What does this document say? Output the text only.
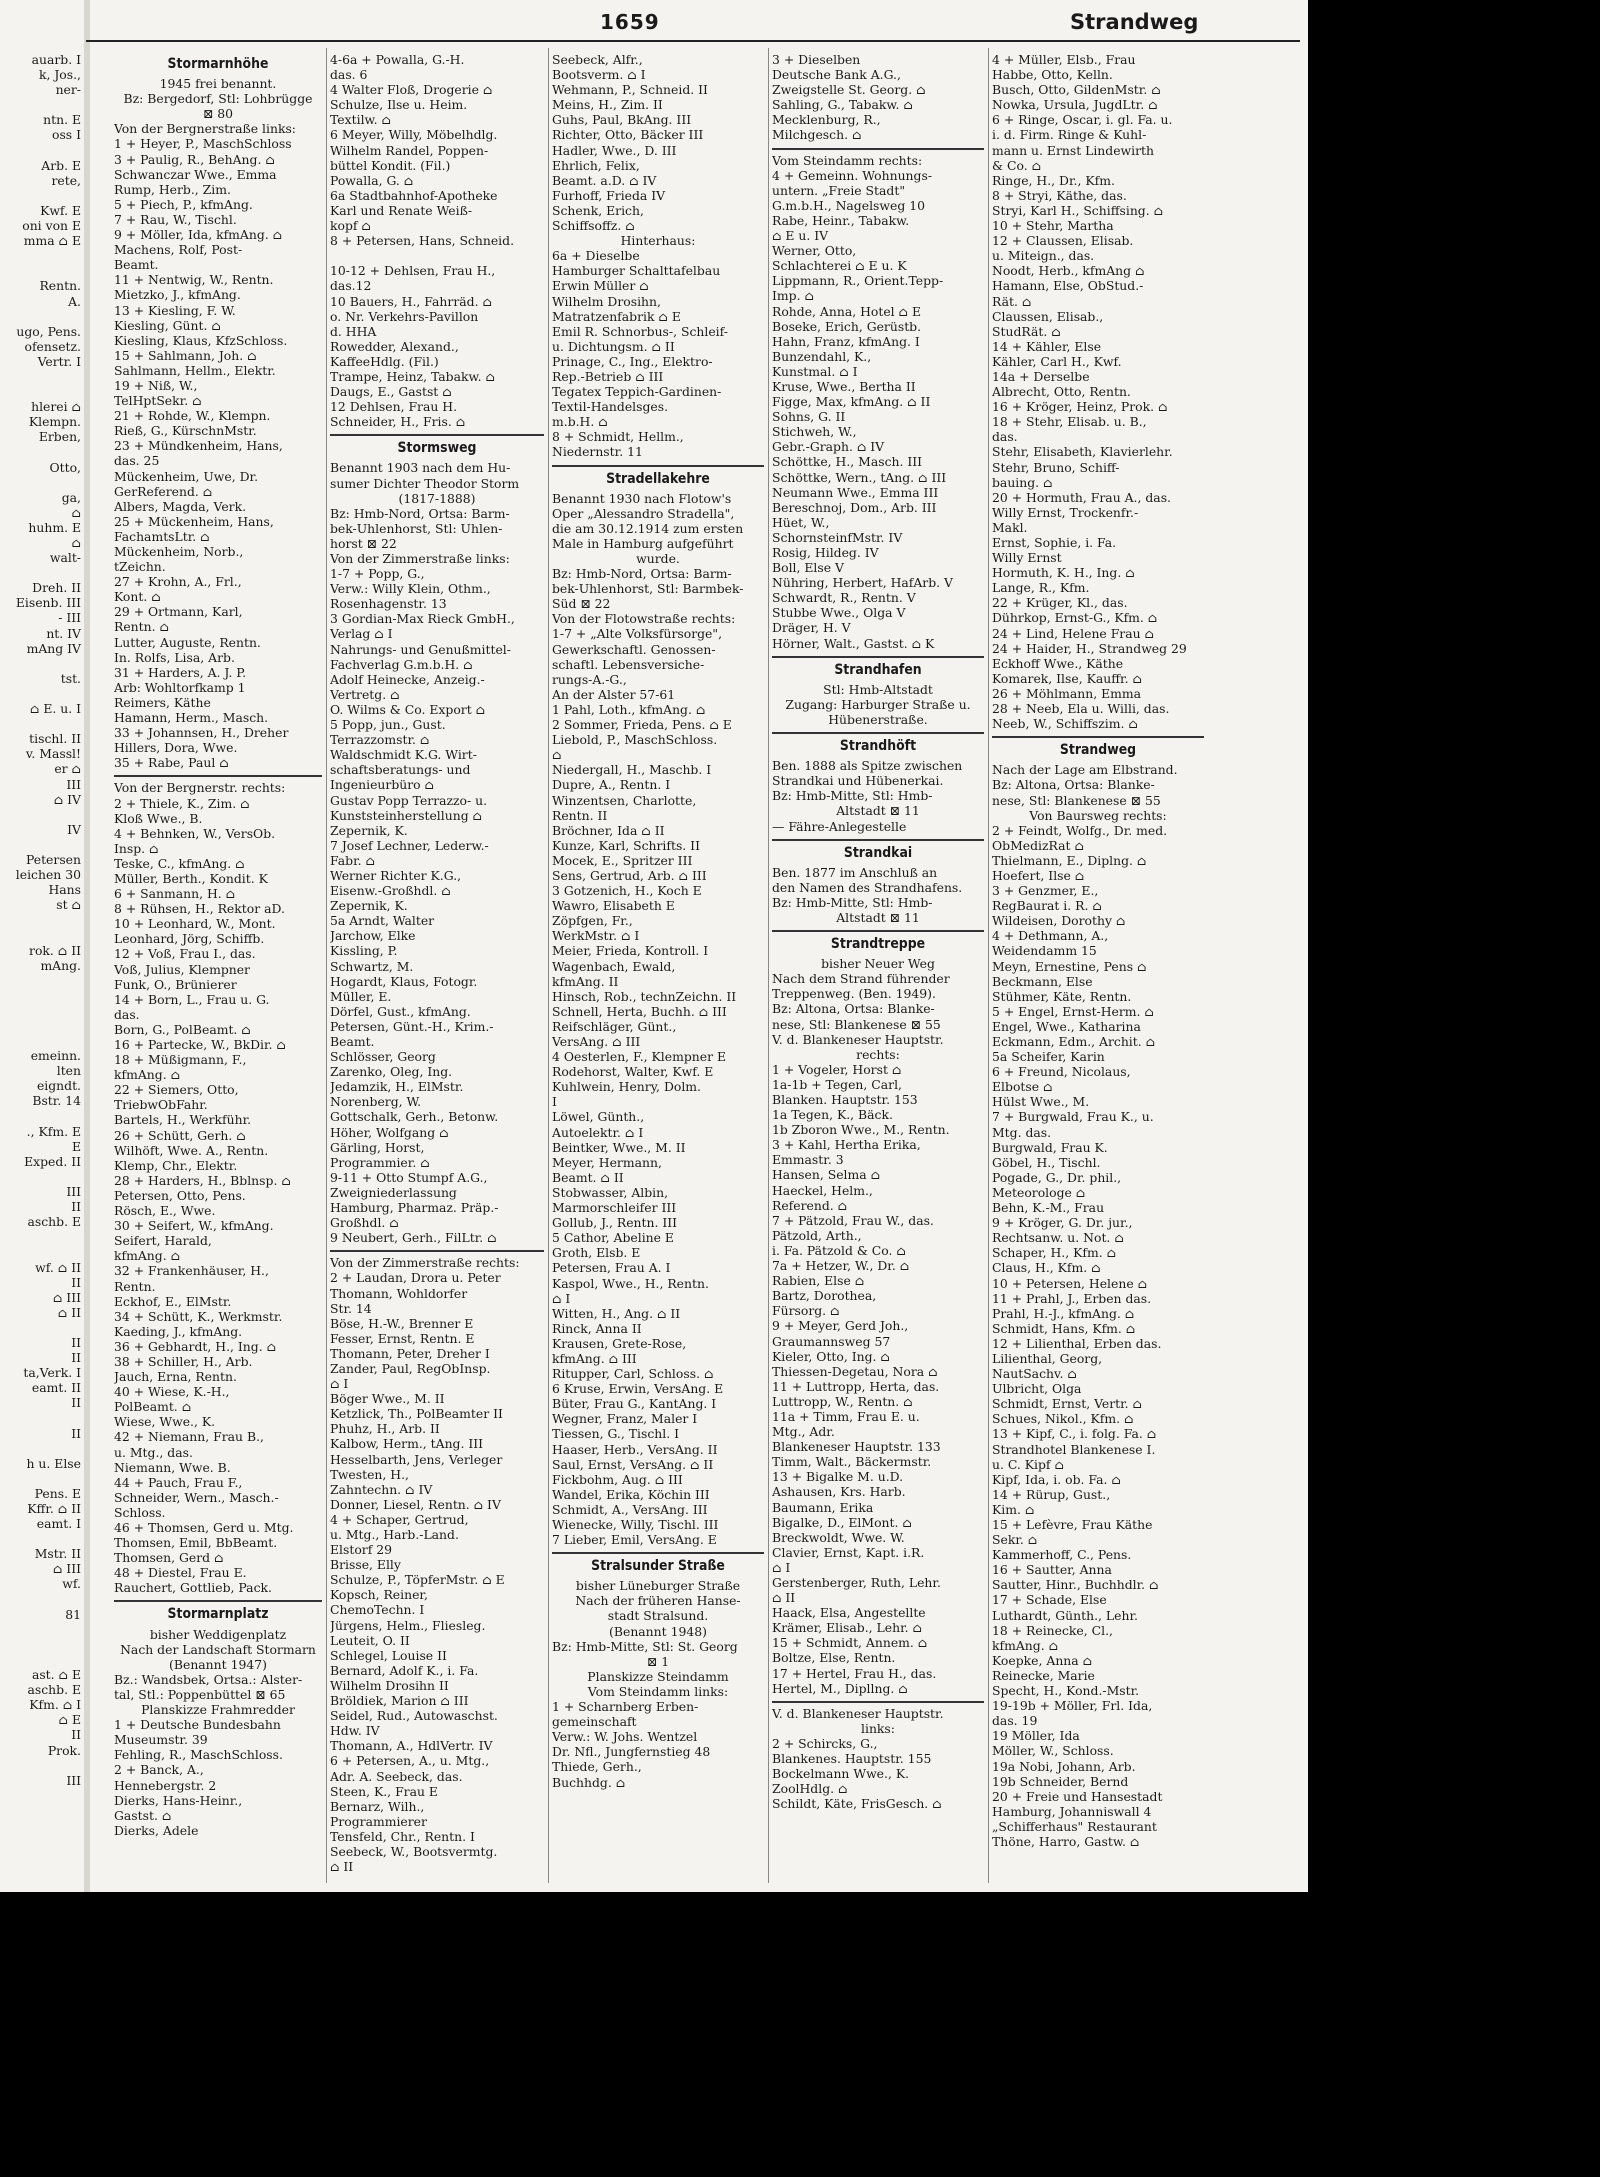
1659	Strandweg
auarb. I
k, Jos.,
ner-

ntn. E
oss I

Arb. E
rete,

Kwf. E
oni von E
mma ⌂ E

Rentn.
A.

ugo, Pens.
ofensetz.
Vertr. I

hlerei ⌂
Klempn.
Erben,

Otto,

ga,
⌂
huhm. E
⌂
walt-

Dreh. II
Eisenb. III
- III
nt. IV
mAng IV

tst.

⌂ E. u. I

tischl. II
v. Massl!
er ⌂
III
⌂ IV

IV

Petersen
leichen 30
Hans
st ⌂

rok. ⌂ II
mAng.

emeinn.
lten
eigndt.
Bstr. 14

., Kfm. E
E
Exped. II

III
II
aschb. E

wf. ⌂ II
II
⌂ III
⌂ II

II
II
ta,Verk. I
eamt. II
II

II

h u. Else

Pens. E
Kffr. ⌂ II
eamt. I

Mstr. II
⌂ III
wf.

81

ast. ⌂ E
aschb. E
Kfm. ⌂ I
⌂ E
II
Prok.

III
Stormarnhöhe
1945 frei benannt.
Bz: Bergedorf, Stl: Lohbrügge
⊠ 80
Von der Bergnerstraße links:
1 + Heyer, P., MaschSchloss
3 + Paulig, R., BehAng. ⌂
Schwanczar Wwe., Emma
Rump, Herb., Zim.
5 + Piech, P., kfmAng.
7 + Rau, W., Tischl.
9 + Möller, Ida, kfmAng. ⌂
Machens, Rolf, Post-
Beamt.
11 + Nentwig, W., Rentn.
Mietzko, J., kfmAng.
13 + Kiesling, F. W.
Kiesling, Günt. ⌂
Kiesling, Klaus, KfzSchloss.
15 + Sahlmann, Joh. ⌂
Sahlmann, Hellm., Elektr.
19 + Niß, W.,
TelHptSekr. ⌂
21 + Rohde, W., Klempn.
Rieß, G., KürschnMstr.
23 + Mündkenheim, Hans,
das. 25
Mückenheim, Uwe, Dr.
GerReferend. ⌂
Albers, Magda, Verk.
25 + Mückenheim, Hans,
FachamtsLtr. ⌂
Mückenheim, Norb.,
tZeichn.
27 + Krohn, A., Frl.,
Kont. ⌂
29 + Ortmann, Karl,
Rentn. ⌂
Lutter, Auguste, Rentn.
In. Rolfs, Lisa, Arb.
31 + Harders, A. J. P.
Arb: Wohltorfkamp 1
Reimers, Käthe
Hamann, Herm., Masch.
33 + Johannsen, H., Dreher
Hillers, Dora, Wwe.
35 + Rabe, Paul ⌂
Von der Bergnerstr. rechts:
2 + Thiele, K., Zim. ⌂
Kloß Wwe., B.
4 + Behnken, W., VersOb.
Insp. ⌂
Teske, C., kfmAng. ⌂
Müller, Berth., Kondit. K
6 + Sanmann, H. ⌂
8 + Rühsen, H., Rektor aD.
10 + Leonhard, W., Mont.
Leonhard, Jörg, Schiffb.
12 + Voß, Frau I., das.
Voß, Julius, Klempner
Funk, O., Brünierer
14 + Born, L., Frau u. G.
das.
Born, G., PolBeamt. ⌂
16 + Partecke, W., BkDir. ⌂
18 + Müßigmann, F.,
kfmAng. ⌂
22 + Siemers, Otto,
TriebwObFahr.
Bartels, H., Werkführ.
26 + Schütt, Gerh. ⌂
Wilhöft, Wwe. A., Rentn.
Klemp, Chr., Elektr.
28 + Harders, H., Bblnsp. ⌂
Petersen, Otto, Pens.
Rösch, E., Wwe.
30 + Seifert, W., kfmAng.
Seifert, Harald,
kfmAng. ⌂
32 + Frankenhäuser, H.,
Rentn.
Eckhof, E., ElMstr.
34 + Schütt, K., Werkmstr.
Kaeding, J., kfmAng.
36 + Gebhardt, H., Ing. ⌂
38 + Schiller, H., Arb.
Jauch, Erna, Rentn.
40 + Wiese, K.-H.,
PolBeamt. ⌂
Wiese, Wwe., K.
42 + Niemann, Frau B.,
u. Mtg., das.
Niemann, Wwe. B.
44 + Pauch, Frau F.,
Schneider, Wern., Masch.-
Schloss.
46 + Thomsen, Gerd u. Mtg.
Thomsen, Emil, BbBeamt.
Thomsen, Gerd ⌂
48 + Diestel, Frau E.
Rauchert, Gottlieb, Pack.
Stormarnplatz
bisher Weddigenplatz
Nach der Landschaft Stormarn
(Benannt 1947)
Bz.: Wandsbek, Ortsa.: Alster-
tal, Stl.: Poppenbüttel ⊠ 65
Planskizze Frahmredder
1 + Deutsche Bundesbahn
Museumstr. 39
Fehling, R., MaschSchloss.
2 + Banck, A.,
Hennebergstr. 2
Dierks, Hans-Heinr.,
Gastst. ⌂
Dierks, Adele
4-6a + Powalla, G.-H.
das. 6
4 Walter Floß, Drogerie ⌂
Schulze, Ilse u. Heim.
Textilw. ⌂
6 Meyer, Willy, Möbelhdlg.
Wilhelm Randel, Poppen-
büttel Kondit. (Fil.)
Powalla, G. ⌂
6a Stadtbahnhof-Apotheke
Karl und Renate Weiß-
kopf ⌂
8 + Petersen, Hans, Schneid.

10-12 + Dehlsen, Frau H.,
das.12
10 Bauers, H., Fahrräd. ⌂
o. Nr. Verkehrs-Pavillon
d. HHA
Rowedder, Alexand.,
KaffeeHdlg. (Fil.)
Trampe, Heinz, Tabakw. ⌂
Daugs, E., Gastst ⌂
12 Dehlsen, Frau H.
Schneider, H., Fris. ⌂
Stormsweg
Benannt 1903 nach dem Hu-
sumer Dichter Theodor Storm
(1817-1888)
Bz: Hmb-Nord, Ortsa: Barm-
bek-Uhlenhorst, Stl: Uhlen-
horst ⊠ 22
Von der Zimmerstraße links:
1-7 + Popp, G.,
Verw.: Willy Klein, Othm.,
Rosenhagenstr. 13
3 Gordian-Max Rieck GmbH.,
Verlag ⌂ I
Nahrungs- und Genußmittel-
Fachverlag G.m.b.H. ⌂
Adolf Heinecke, Anzeig.-
Vertretg. ⌂
O. Wilms & Co. Export ⌂
5 Popp, jun., Gust.
Terrazzomstr. ⌂
Waldschmidt K.G. Wirt-
schaftsberatungs- und
Ingenieurbüro ⌂
Gustav Popp Terrazzo- u.
Kunststeinherstellung ⌂
Zepernik, K.
7 Josef Lechner, Lederw.-
Fabr. ⌂
Werner Richter K.G.,
Eisenw.-Großhdl. ⌂
Zepernik, K.
5a Arndt, Walter
Jarchow, Elke
Kissling, P.
Schwartz, M.
Hogardt, Klaus, Fotogr.
Müller, E.
Dörfel, Gust., kfmAng.
Petersen, Günt.-H., Krim.-
Beamt.
Schlösser, Georg
Zarenko, Oleg, Ing.
Jedamzik, H., ElMstr.
Norenberg, W.
Gottschalk, Gerh., Betonw.
Höher, Wolfgang ⌂
Gärling, Horst,
Programmier. ⌂
9-11 + Otto Stumpf A.G.,
Zweigniederlassung
Hamburg, Pharmaz. Präp.-
Großhdl. ⌂
9 Neubert, Gerh., FilLtr. ⌂
Von der Zimmerstraße rechts:
2 + Laudan, Drora u. Peter
Thomann, Wohldorfer
Str. 14
Böse, H.-W., Brenner E
Fesser, Ernst, Rentn. E
Thomann, Peter, Dreher I
Zander, Paul, RegObInsp.
⌂ I
Böger Wwe., M. II
Ketzlick, Th., PolBeamter II
Phuhz, H., Arb. II
Kalbow, Herm., tAng. III
Hesselbarth, Jens, Verleger
Twesten, H.,
Zahntechn. ⌂ IV
Donner, Liesel, Rentn. ⌂ IV
4 + Schaper, Gertrud,
u. Mtg., Harb.-Land.
Elstorf 29
Brisse, Elly
Schulze, P., TöpferMstr. ⌂ E
Kopsch, Reiner,
ChemoTechn. I
Jürgens, Helm., Fliesleg.
Leuteit, O. II
Schlegel, Louise II
Bernard, Adolf K., i. Fa.
Wilhelm Drosihn II
Bröldiek, Marion ⌂ III
Seidel, Rud., Autowaschst.
Hdw. IV
Thomann, A., HdlVertr. IV
6 + Petersen, A., u. Mtg.,
Adr. A. Seebeck, das.
Steen, K., Frau E
Bernarz, Wilh.,
Programmierer
Tensfeld, Chr., Rentn. I
Seebeck, W., Bootsvermtg.
⌂ II
Seebeck, Alfr.,
Bootsverm. ⌂ I
Wehmann, P., Schneid. II
Meins, H., Zim. II
Guhs, Paul, BkAng. III
Richter, Otto, Bäcker III
Hadler, Wwe., D. III
Ehrlich, Felix,
Beamt. a.D. ⌂ IV
Furhoff, Frieda IV
Schenk, Erich,
Schiffsoffz. ⌂
Hinterhaus:
6a + Dieselbe
Hamburger Schalttafelbau
Erwin Müller ⌂
Wilhelm Drosihn,
Matratzenfabrik ⌂ E
Emil R. Schnorbus-, Schleif-
u. Dichtungsm. ⌂ II
Prinage, C., Ing., Elektro-
Rep.-Betrieb ⌂ III
Tegatex Teppich-Gardinen-
Textil-Handelsges.
m.b.H. ⌂
8 + Schmidt, Hellm.,
Niedernstr. 11
Stradellakehre
Benannt 1930 nach Flotow's
Oper „Alessandro Stradella",
die am 30.12.1914 zum ersten
Male in Hamburg aufgeführt
wurde.
Bz: Hmb-Nord, Ortsa: Barm-
bek-Uhlenhorst, Stl: Barmbek-
Süd ⊠ 22
Von der Flotowstraße rechts:
1-7 + „Alte Volksfürsorge",
Gewerkschaftl. Genossen-
schaftl. Lebensversiche-
rungs-A.-G.,
An der Alster 57-61
1 Pahl, Loth., kfmAng. ⌂
2 Sommer, Frieda, Pens. ⌂ E
Liebold, P., MaschSchloss.
⌂
Niedergall, H., Maschb. I
Dupre, A., Rentn. I
Winzentsen, Charlotte,
Rentn. II
Bröchner, Ida ⌂ II
Kunze, Karl, Schrifts. II
Mocek, E., Spritzer III
Sens, Gertrud, Arb. ⌂ III
3 Gotzenich, H., Koch E
Wawro, Elisabeth E
Zöpfgen, Fr.,
WerkMstr. ⌂ I
Meier, Frieda, Kontroll. I
Wagenbach, Ewald,
kfmAng. II
Hinsch, Rob., technZeichn. II
Schnell, Herta, Buchh. ⌂ III
Reifschläger, Günt.,
VersAng. ⌂ III
4 Oesterlen, F., Klempner E
Rodehorst, Walter, Kwf. E
Kuhlwein, Henry, Dolm.
I
Löwel, Günth.,
Autoelektr. ⌂ I
Beintker, Wwe., M. II
Meyer, Hermann,
Beamt. ⌂ II
Stobwasser, Albin,
Marmorschleifer III
Gollub, J., Rentn. III
5 Cathor, Abeline E
Groth, Elsb. E
Petersen, Frau A. I
Kaspol, Wwe., H., Rentn.
⌂ I
Witten, H., Ang. ⌂ II
Rinck, Anna II
Krausen, Grete-Rose,
kfmAng. ⌂ III
Ritupper, Carl, Schloss. ⌂
6 Kruse, Erwin, VersAng. E
Büter, Frau G., KantAng. I
Wegner, Franz, Maler I
Tiessen, G., Tischl. I
Haaser, Herb., VersAng. II
Saul, Ernst, VersAng. ⌂ II
Fickbohm, Aug. ⌂ III
Wandel, Erika, Köchin III
Schmidt, A., VersAng. III
Wienecke, Willy, Tischl. III
7 Lieber, Emil, VersAng. E
Stralsunder Straße
bisher Lüneburger Straße
Nach der früheren Hanse-
stadt Stralsund.
(Benannt 1948)
Bz: Hmb-Mitte, Stl: St. Georg
⊠ 1
Planskizze Steindamm
Vom Steindamm links:
1 + Scharnberg Erben-
gemeinschaft
Verw.: W. Johs. Wentzel
Dr. Nfl., Jungfernstieg 48
Thiede, Gerh.,
Buchhdg. ⌂
3 + Dieselben
Deutsche Bank A.G.,
Zweigstelle St. Georg. ⌂
Sahling, G., Tabakw. ⌂
Mecklenburg, R.,
Milchgesch. ⌂
Vom Steindamm rechts:
4 + Gemeinn. Wohnungs-
untern. „Freie Stadt"
G.m.b.H., Nagelsweg 10
Rabe, Heinr., Tabakw.
⌂ E u. IV
Werner, Otto,
Schlachterei ⌂ E u. K
Lippmann, R., Orient.Tepp-
Imp. ⌂
Rohde, Anna, Hotel ⌂ E
Boseke, Erich, Gerüstb.
Hahn, Franz, kfmAng. I
Bunzendahl, K.,
Kunstmal. ⌂ I
Kruse, Wwe., Bertha II
Figge, Max, kfmAng. ⌂ II
Sohns, G. II
Stichweh, W.,
Gebr.-Graph. ⌂ IV
Schöttke, H., Masch. III
Schöttke, Wern., tAng. ⌂ III
Neumann Wwe., Emma III
Bereschnoj, Dom., Arb. III
Hüet, W.,
SchornsteinfMstr. IV
Rosig, Hildeg. IV
Boll, Else V
Nühring, Herbert, HafArb. V
Schwardt, R., Rentn. V
Stubbe Wwe., Olga V
Dräger, H. V
Hörner, Walt., Gastst. ⌂ K
Strandhafen
Stl: Hmb-Altstadt
Zugang: Harburger Straße u.
Hübenerstraße.
Strandhöft
Ben. 1888 als Spitze zwischen
Strandkai und Hübenerkai.
Bz: Hmb-Mitte, Stl: Hmb-
Altstadt ⊠ 11
— Fähre-Anlegestelle
Strandkai
Ben. 1877 im Anschluß an
den Namen des Strandhafens.
Bz: Hmb-Mitte, Stl: Hmb-
Altstadt ⊠ 11
Strandtreppe
bisher Neuer Weg
Nach dem Strand führender
Treppenweg. (Ben. 1949).
Bz: Altona, Ortsa: Blanke-
nese, Stl: Blankenese ⊠ 55
V. d. Blankeneser Hauptstr.
rechts:
1 + Vogeler, Horst ⌂
1a-1b + Tegen, Carl,
Blanken. Hauptstr. 153
1a Tegen, K., Bäck.
1b Zboron Wwe., M., Rentn.
3 + Kahl, Hertha Erika,
Emmastr. 3
Hansen, Selma ⌂
Haeckel, Helm.,
Referend. ⌂
7 + Pätzold, Frau W., das.
Pätzold, Arth.,
i. Fa. Pätzold & Co. ⌂
7a + Hetzer, W., Dr. ⌂
Rabien, Else ⌂
Bartz, Dorothea,
Fürsorg. ⌂
9 + Meyer, Gerd Joh.,
Graumannsweg 57
Kieler, Otto, Ing. ⌂
Thiessen-Degetau, Nora ⌂
11 + Luttropp, Herta, das.
Luttropp, W., Rentn. ⌂
11a + Timm, Frau E. u.
Mtg., Adr.
Blankeneser Hauptstr. 133
Timm, Walt., Bäckermstr.
13 + Bigalke M. u.D.
Ashausen, Krs. Harb.
Baumann, Erika
Bigalke, D., ElMont. ⌂
Breckwoldt, Wwe. W.
Clavier, Ernst, Kapt. i.R.
⌂ I
Gerstenberger, Ruth, Lehr.
⌂ II
Haack, Elsa, Angestellte
Krämer, Elisab., Lehr. ⌂
15 + Schmidt, Annem. ⌂
Boltze, Else, Rentn.
17 + Hertel, Frau H., das.
Hertel, M., Dipllng. ⌂
V. d. Blankeneser Hauptstr.
links:
2 + Schircks, G.,
Blankenes. Hauptstr. 155
Bockelmann Wwe., K.
ZoolHdlg. ⌂
Schildt, Käte, FrisGesch. ⌂
4 + Müller, Elsb., Frau
Habbe, Otto, Kelln.
Busch, Otto, GildenMstr. ⌂
Nowka, Ursula, JugdLtr. ⌂
6 + Ringe, Oscar, i. gl. Fa. u.
i. d. Firm. Ringe & Kuhl-
mann u. Ernst Lindewirth
& Co. ⌂
Ringe, H., Dr., Kfm.
8 + Stryi, Käthe, das.
Stryi, Karl H., Schiffsing. ⌂
10 + Stehr, Martha
12 + Claussen, Elisab.
u. Miteign., das.
Noodt, Herb., kfmAng ⌂
Hamann, Else, ObStud.-
Rät. ⌂
Claussen, Elisab.,
StudRät. ⌂
14 + Kähler, Else
Kähler, Carl H., Kwf.
14a + Derselbe
Albrecht, Otto, Rentn.
16 + Kröger, Heinz, Prok. ⌂
18 + Stehr, Elisab. u. B.,
das.
Stehr, Elisabeth, Klavierlehr.
Stehr, Bruno, Schiff-
bauing. ⌂
20 + Hormuth, Frau A., das.
Willy Ernst, Trockenfr.-
Makl.
Ernst, Sophie, i. Fa.
Willy Ernst
Hormuth, K. H., Ing. ⌂
Lange, R., Kfm.
22 + Krüger, Kl., das.
Dührkop, Ernst-G., Kfm. ⌂
24 + Lind, Helene Frau ⌂
24 + Haider, H., Strandweg 29
Eckhoff Wwe., Käthe
Komarek, Ilse, Kauffr. ⌂
26 + Möhlmann, Emma
28 + Neeb, Ela u. Willi, das.
Neeb, W., Schiffszim. ⌂
Strandweg
Nach der Lage am Elbstrand.
Bz: Altona, Ortsa: Blanke-
nese, Stl: Blankenese ⊠ 55
Von Baursweg rechts:
2 + Feindt, Wolfg., Dr. med.
ObMedizRat ⌂
Thielmann, E., Diplng. ⌂
Hoefert, Ilse ⌂
3 + Genzmer, E.,
RegBaurat i. R. ⌂
Wildeisen, Dorothy ⌂
4 + Dethmann, A.,
Weidendamm 15
Meyn, Ernestine, Pens ⌂
Beckmann, Else
Stühmer, Käte, Rentn.
5 + Engel, Ernst-Herm. ⌂
Engel, Wwe., Katharina
Eckmann, Edm., Archit. ⌂
5a Scheifer, Karin
6 + Freund, Nicolaus,
Elbotse ⌂
Hülst Wwe., M.
7 + Burgwald, Frau K., u.
Mtg. das.
Burgwald, Frau K.
Göbel, H., Tischl.
Pogade, G., Dr. phil.,
Meteorologe ⌂
Behn, K.-M., Frau
9 + Kröger, G. Dr. jur.,
Rechtsanw. u. Not. ⌂
Schaper, H., Kfm. ⌂
Claus, H., Kfm. ⌂
10 + Petersen, Helene ⌂
11 + Prahl, J., Erben das.
Prahl, H.-J., kfmAng. ⌂
Schmidt, Hans, Kfm. ⌂
12 + Lilienthal, Erben das.
Lilienthal, Georg,
NautSachv. ⌂
Ulbricht, Olga
Schmidt, Ernst, Vertr. ⌂
Schues, Nikol., Kfm. ⌂
13 + Kipf, C., i. folg. Fa. ⌂
Strandhotel Blankenese I.
u. C. Kipf ⌂
Kipf, Ida, i. ob. Fa. ⌂
14 + Rürup, Gust.,
Kim. ⌂
15 + Lefèvre, Frau Käthe
Sekr. ⌂
Kammerhoff, C., Pens.
16 + Sautter, Anna
Sautter, Hinr., Buchhdlr. ⌂
17 + Schade, Else
Luthardt, Günth., Lehr.
18 + Reinecke, Cl.,
kfmAng. ⌂
Koepke, Anna ⌂
Reinecke, Marie
Specht, H., Kond.-Mstr.
19-19b + Möller, Frl. Ida,
das. 19
19 Möller, Ida
Möller, W., Schloss.
19a Nobi, Johann, Arb.
19b Schneider, Bernd
20 + Freie und Hansestadt
Hamburg, Johanniswall 4
„Schifferhaus" Restaurant
Thöne, Harro, Gastw. ⌂
